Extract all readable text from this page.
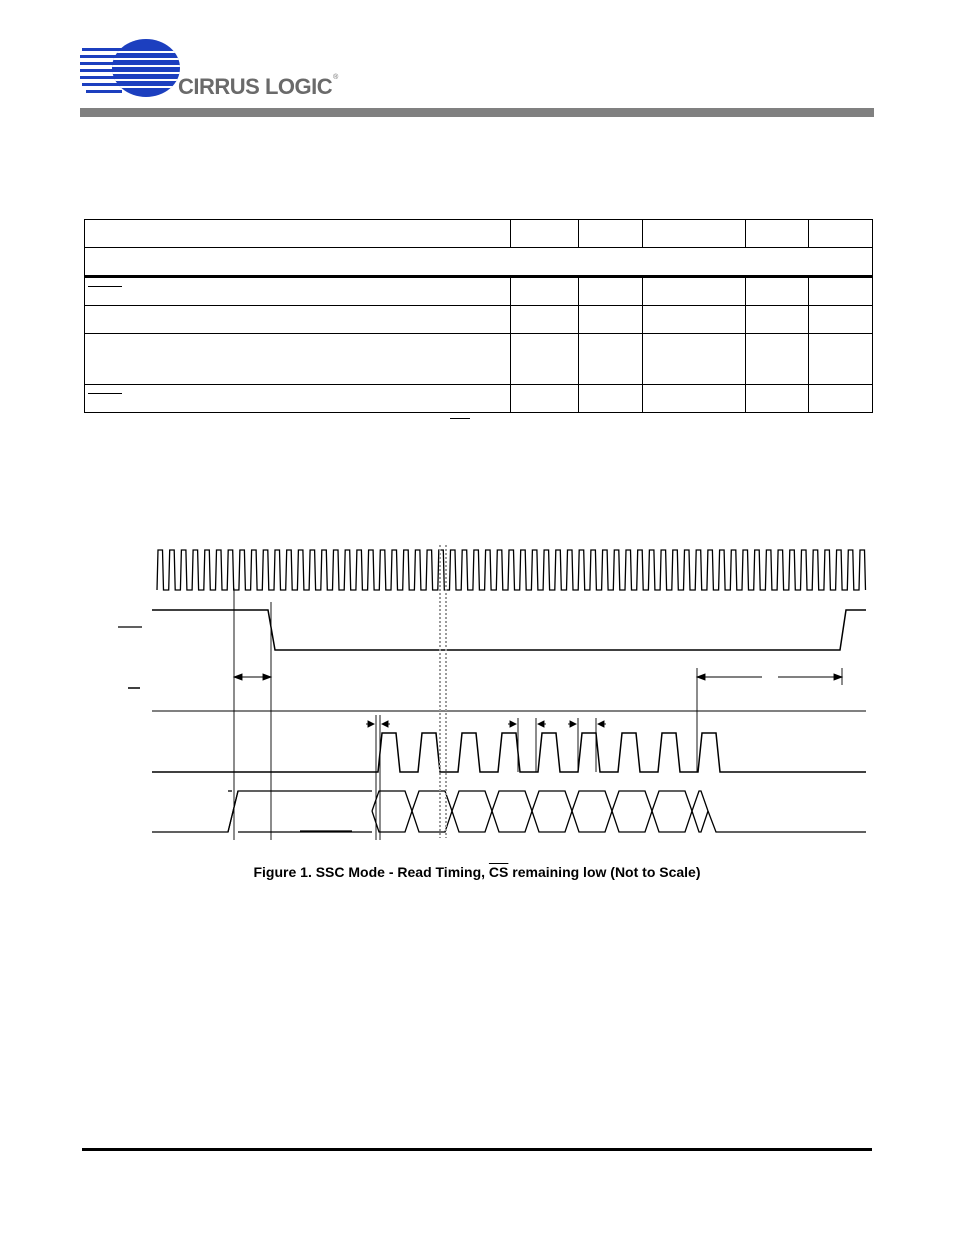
CIRRUS LOGIC®

Figure 1. SSC Mode - Read Timing, $\overline{CS}$ remaining low (Not to Scale)
